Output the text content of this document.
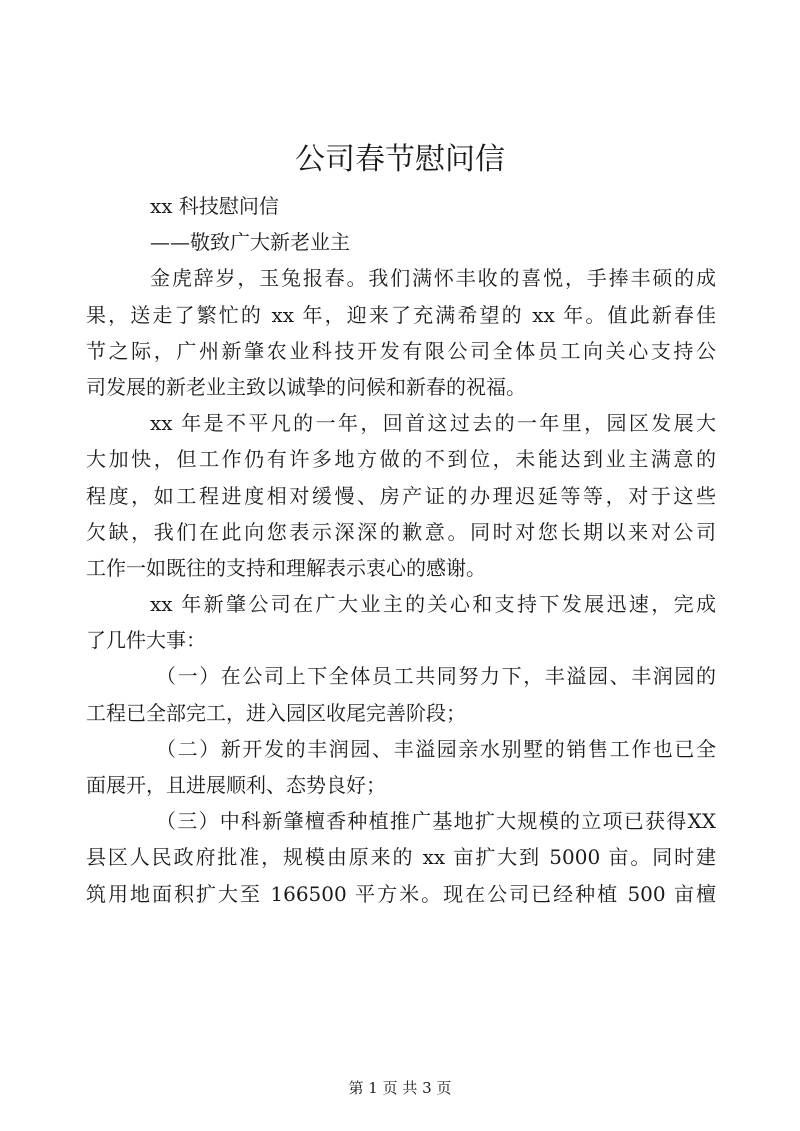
公司春节慰问信
xx 科技慰问信
——敬致广大新老业主
金虎辞岁，玉兔报春。我们满怀丰收的喜悦，手捧丰硕的成
果，送走了繁忙的 xx 年，迎来了充满希望的 xx 年。值此新春佳
节之际，广州新肇农业科技开发有限公司全体员工向关心支持公
司发展的新老业主致以诚挚的问候和新春的祝福。
xx 年是不平凡的一年，回首这过去的一年里，园区发展大
大加快，但工作仍有许多地方做的不到位，未能达到业主满意的
程度，如工程进度相对缓慢、房产证的办理迟延等等，对于这些
欠缺，我们在此向您表示深深的歉意。同时对您长期以来对公司
工作一如既往的支持和理解表示衷心的感谢。
xx 年新肇公司在广大业主的关心和支持下发展迅速，完成
了几件大事：
（一）在公司上下全体员工共同努力下，丰溢园、丰润园的
工程已全部完工，进入园区收尾完善阶段；
（二）新开发的丰润园、丰溢园亲水别墅的销售工作也已全
面展开，且进展顺利、态势良好；
（三）中科新肇檀香种植推广基地扩大规模的立项已获得XX
县区人民政府批准，规模由原来的 xx 亩扩大到 5000 亩。同时建
筑用地面积扩大至 166500 平方米。现在公司已经种植 500 亩檀
第 1 页 共 3 页
